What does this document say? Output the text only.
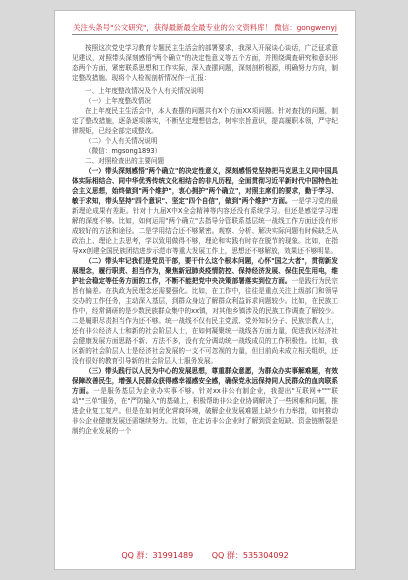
关注头条号"公文研究"，获得最新最全最专业的公文资料库！ 微信：gongwenyj

按照这次党史学习教育专题民主生活会的部署要求，我深入开展谈心谈话，广泛征求意见建议，对照带头深刻感悟"两个确立"的决定性意义等五个方面，并围绕调查研究和意识形态两个方面，紧密联系思想和工作实际，深入查摆问题，深刻剖析根源，明确努力方向，制定整改措施。现将个人检视剖析情况作一汇报：

一、上年度整改情况及个人有关情况说明

（一）上年度整改情况

在上年度民主生活会中，本人查摆的问题共有X个方面XX项问题。针对查找的问题，制定了整改措施，逐条逐项落实，不断坚定理想信念，树牢宗旨意识，提高履职本领，严守纪律规矩，已经全部完成整改。

（二）个人有关情况说明

（微信：mgsong1893）

二、对照检查出的主要问题

（一）带头深刻感悟"两个确立"的决定性意义，深刻感悟党坚持把马克思主义同中国具体实际相结合、同中华优秀传统文化相结合的非凡历程，全面贯彻习近平新时代中国特色社会主义思想，始终做到"两个维护"，衷心拥护"两个确立"，对照主席们的要求，勤于学习、敏于求知，带头坚持"四个意识"、坚定"四个自信"，做到"两个维护"方面。一是学习党的最新理论成果有差距。针对十九届X中X全会精神等内容还没有系统学习。但还是感觉学习理解的深度不够。比如，如何运用"两个确立"去指导分管联系基层统一战线工作方面还没有形成较好的方法和途径。二是学用结合还不够紧密。观察、分析、解决实际问题有时候缺乏从政治上、理论上去思考，学以致用做得不够，理论和实践有时存在脱节的现象。比如，在指导xx创建全国民族团结进步示范市等重大发展工作上，思想还不够解放，效果还不够明显。

（二）带头牢记我们是党员干部，要干什么这个根本问题，心怀"国之大者"，贯彻新发展理念，履行职责、担当作为，聚焦新冠肺炎疫情防控、保持经济发展、保住民生用电，维护社会稳定等任务方面的工作，不断不能把党中央决策部署落实到位方面。一是践行为民宗旨有偏差。在执政为民理念还需要强化。比如，在工作中，往往是重点关注上级部门和领导交办的工作任务，主动深入基层，到群众身边了解群众利益诉求问题较少。比如，在民族工作中，经常调研的是少数民族群众集中的xx镇，对其他乡镇涉及的民族工作调查了解较少。二是履职尽责担当作为还不够。统一战线不仅有民主党派、党外知识分子、民族宗教人士，还有非公经济人士和新的社会阶层人士，在如何凝聚统一战线各方面力量，促进我区经济社会健康发展方面思路不新、方法不多，没有充分调动统一战线成员的工作积极性。比如，我区新的社会阶层人士是经济社会发展的一支不可忽视的力量，但目前尚未成立相关组织，还没有很好的教育引导新的社会阶层人士服务发展。

（三）带头践行以人民为中心的发展思想，尊重群众意愿，为群众办实事解难题，有效保障改善民生，增强人民群众获得感幸福感安全感，确保党永远保持同人民群众的血肉联系方面。一是服务基层为企业办实事不够。针对xx非公有制企业，我提出"互联网+"""联动""三单"服务，在"严防输入"的基础上，积极帮助非公企业协调解决了一些困难和问题，推进企业复工复产。但是在如何优化营商环境，破解企业发展难题上缺少有力举措，如何推动非公企业健康发展还需继续努力。比如，在走访非公企业时了解到资金短缺、资金链断裂是制约企业发展的一个

QQ 群：31991489 QQ 群：535304092
